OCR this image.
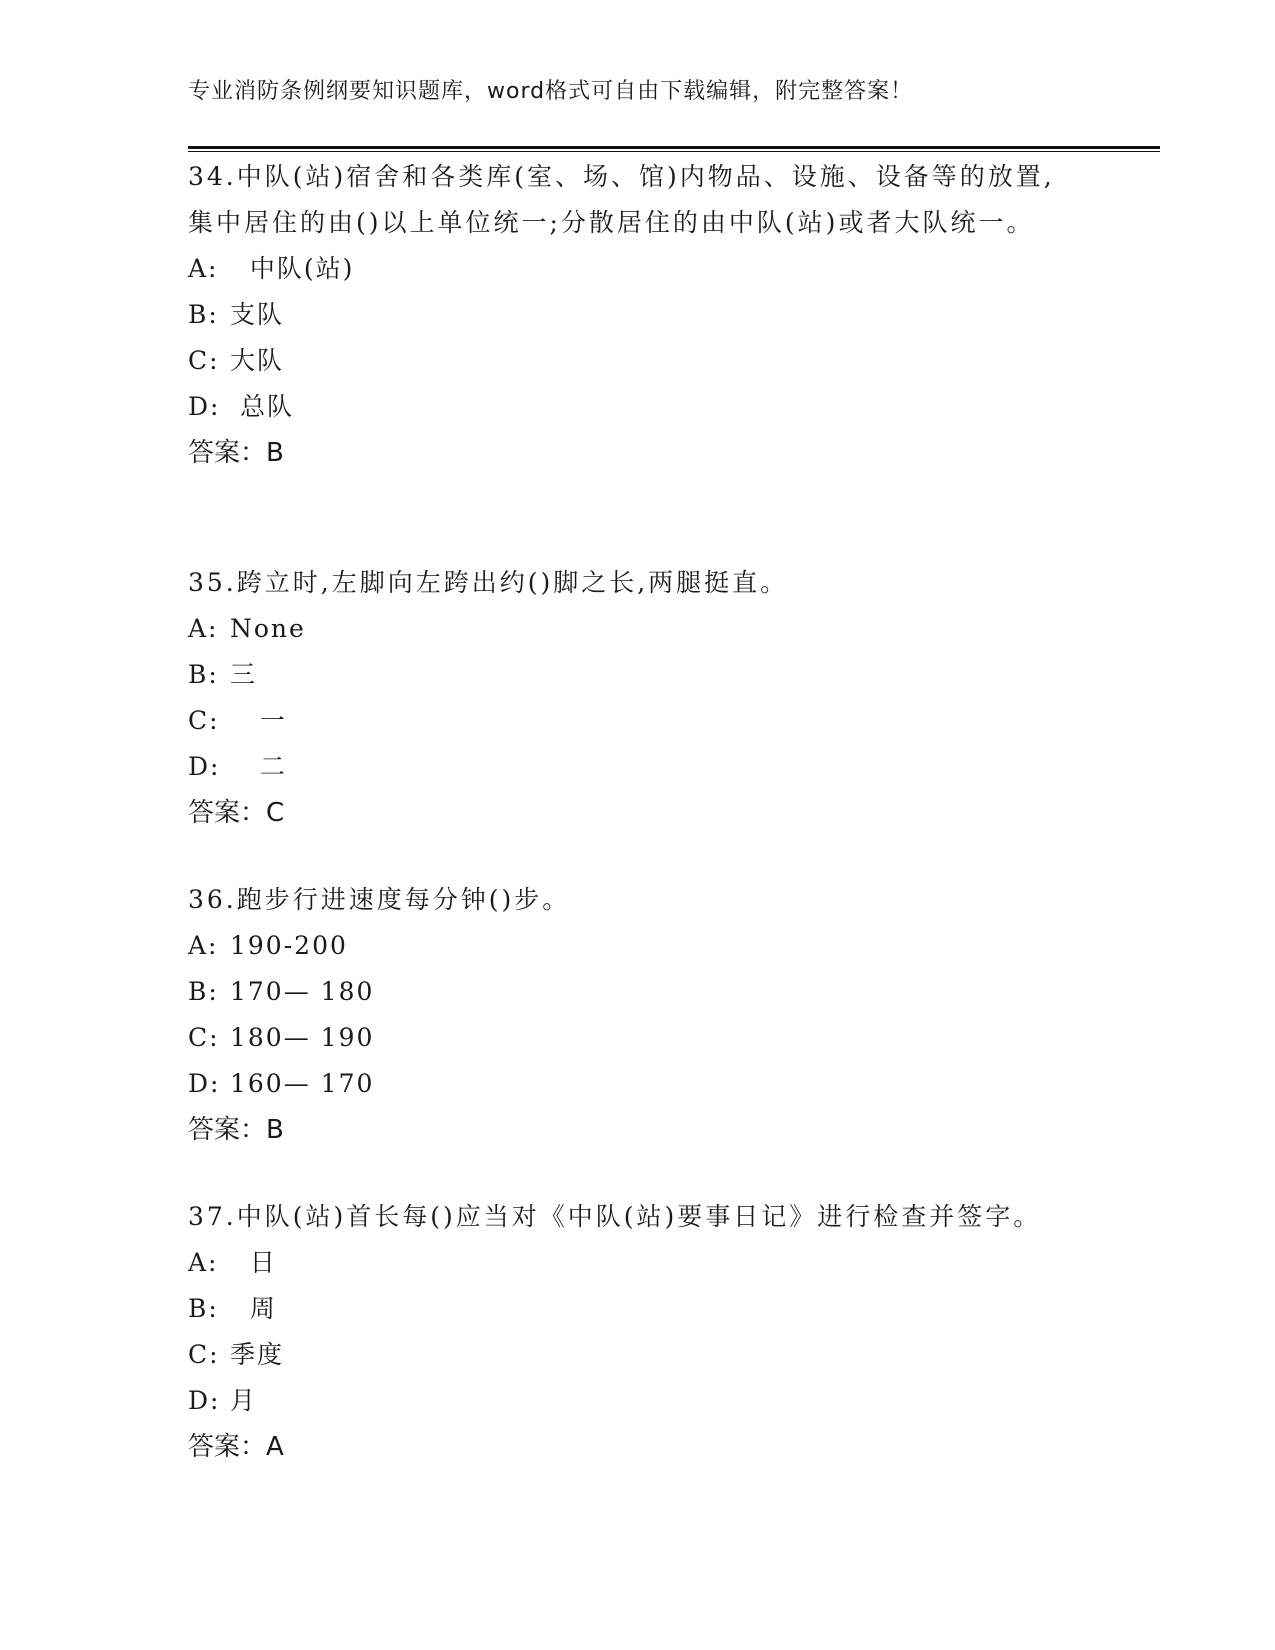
专业消防条例纲要知识题库，word格式可自由下载编辑，附完整答案！
34.中队(站)宿舍和各类库(室、场、馆)内物品、设施、设备等的放置,集中居住的由()以上单位统一;分散居住的由中队(站)或者大队统一。
A:  中队(站)
B: 支队
C: 大队
D: 总队
答案：B
35.跨立时,左脚向左跨出约()脚之长,两腿挺直。
A: None
B: 三
C:   一
D:   二
答案：C
36.跑步行进速度每分钟()步。
A: 190-200
B: 170— 180
C: 180— 190
D: 160— 170
答案：B
37.中队(站)首长每()应当对《中队(站)要事日记》进行检查并签字。
A:  日
B:  周
C: 季度
D: 月
答案：A
